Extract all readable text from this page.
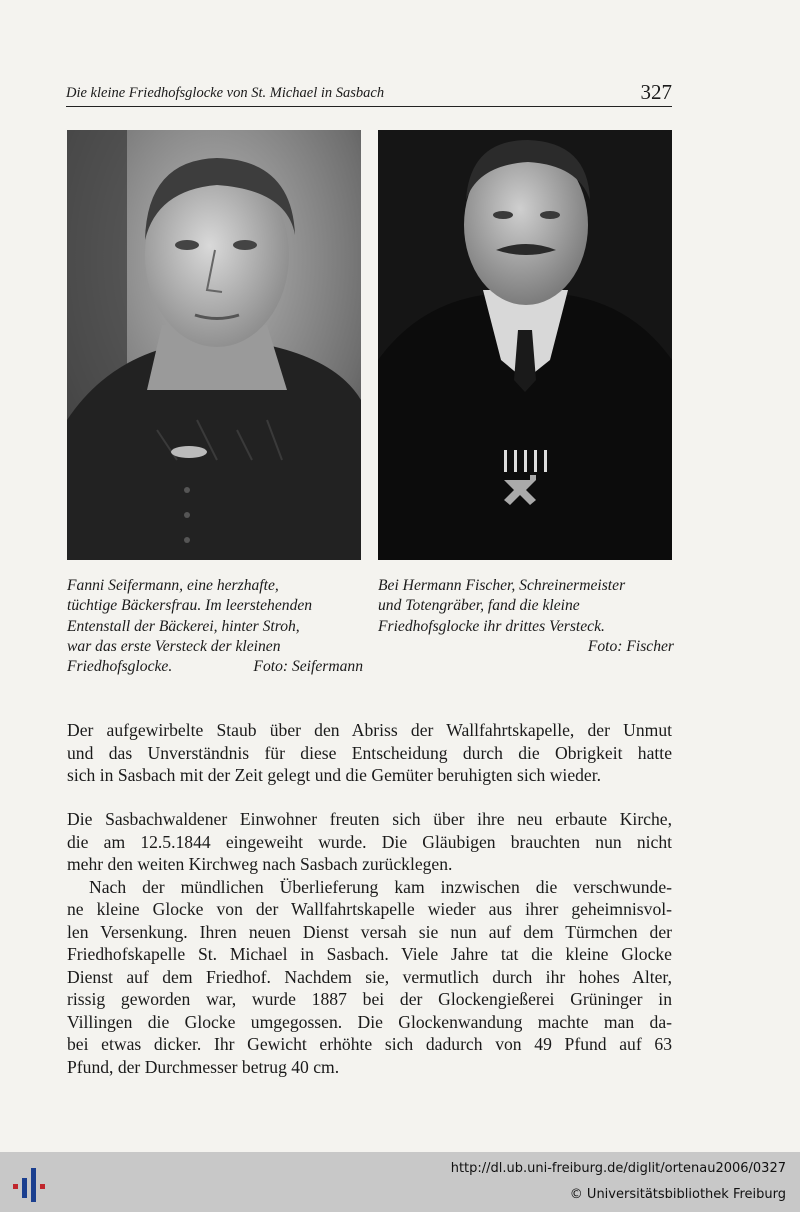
Die kleine Friedhofsglocke von St. Michael in Sasbach	327
Fanni Seifermann, eine herzhafte,
tüchtige Bäckersfrau. Im leerstehenden
Entenstall der Bäckerei, hinter Stroh,
war das erste Versteck der kleinen
Friedhofsglocke.	Foto: Seifermann
Bei Hermann Fischer, Schreinermeister
und Totengräber, fand die kleine
Friedhofsglocke ihr drittes Versteck.
Foto: Fischer
Der aufgewirbelte Staub über den Abriss der Wallfahrtskapelle, der Unmut
und das Unverständnis für diese Entscheidung durch die Obrigkeit hatte
sich in Sasbach mit der Zeit gelegt und die Gemüter beruhigten sich wieder.
Die Sasbachwaldener Einwohner freuten sich über ihre neu erbaute Kirche,
die am 12.5.1844 eingeweiht wurde. Die Gläubigen brauchten nun nicht
mehr den weiten Kirchweg nach Sasbach zurücklegen.
Nach der mündlichen Überlieferung kam inzwischen die verschwunde-
ne kleine Glocke von der Wallfahrtskapelle wieder aus ihrer geheimnisvol-
len Versenkung. Ihren neuen Dienst versah sie nun auf dem Türmchen der
Friedhofskapelle St. Michael in Sasbach. Viele Jahre tat die kleine Glocke
Dienst auf dem Friedhof. Nachdem sie, vermutlich durch ihr hohes Alter,
rissig geworden war, wurde 1887 bei der Glockengießerei Grüninger in
Villingen die Glocke umgegossen. Die Glockenwandung machte man da-
bei etwas dicker. Ihr Gewicht erhöhte sich dadurch von 49 Pfund auf 63
Pfund, der Durchmesser betrug 40 cm.
http://dl.ub.uni-freiburg.de/diglit/ortenau2006/0327
© Universitätsbibliothek Freiburg
